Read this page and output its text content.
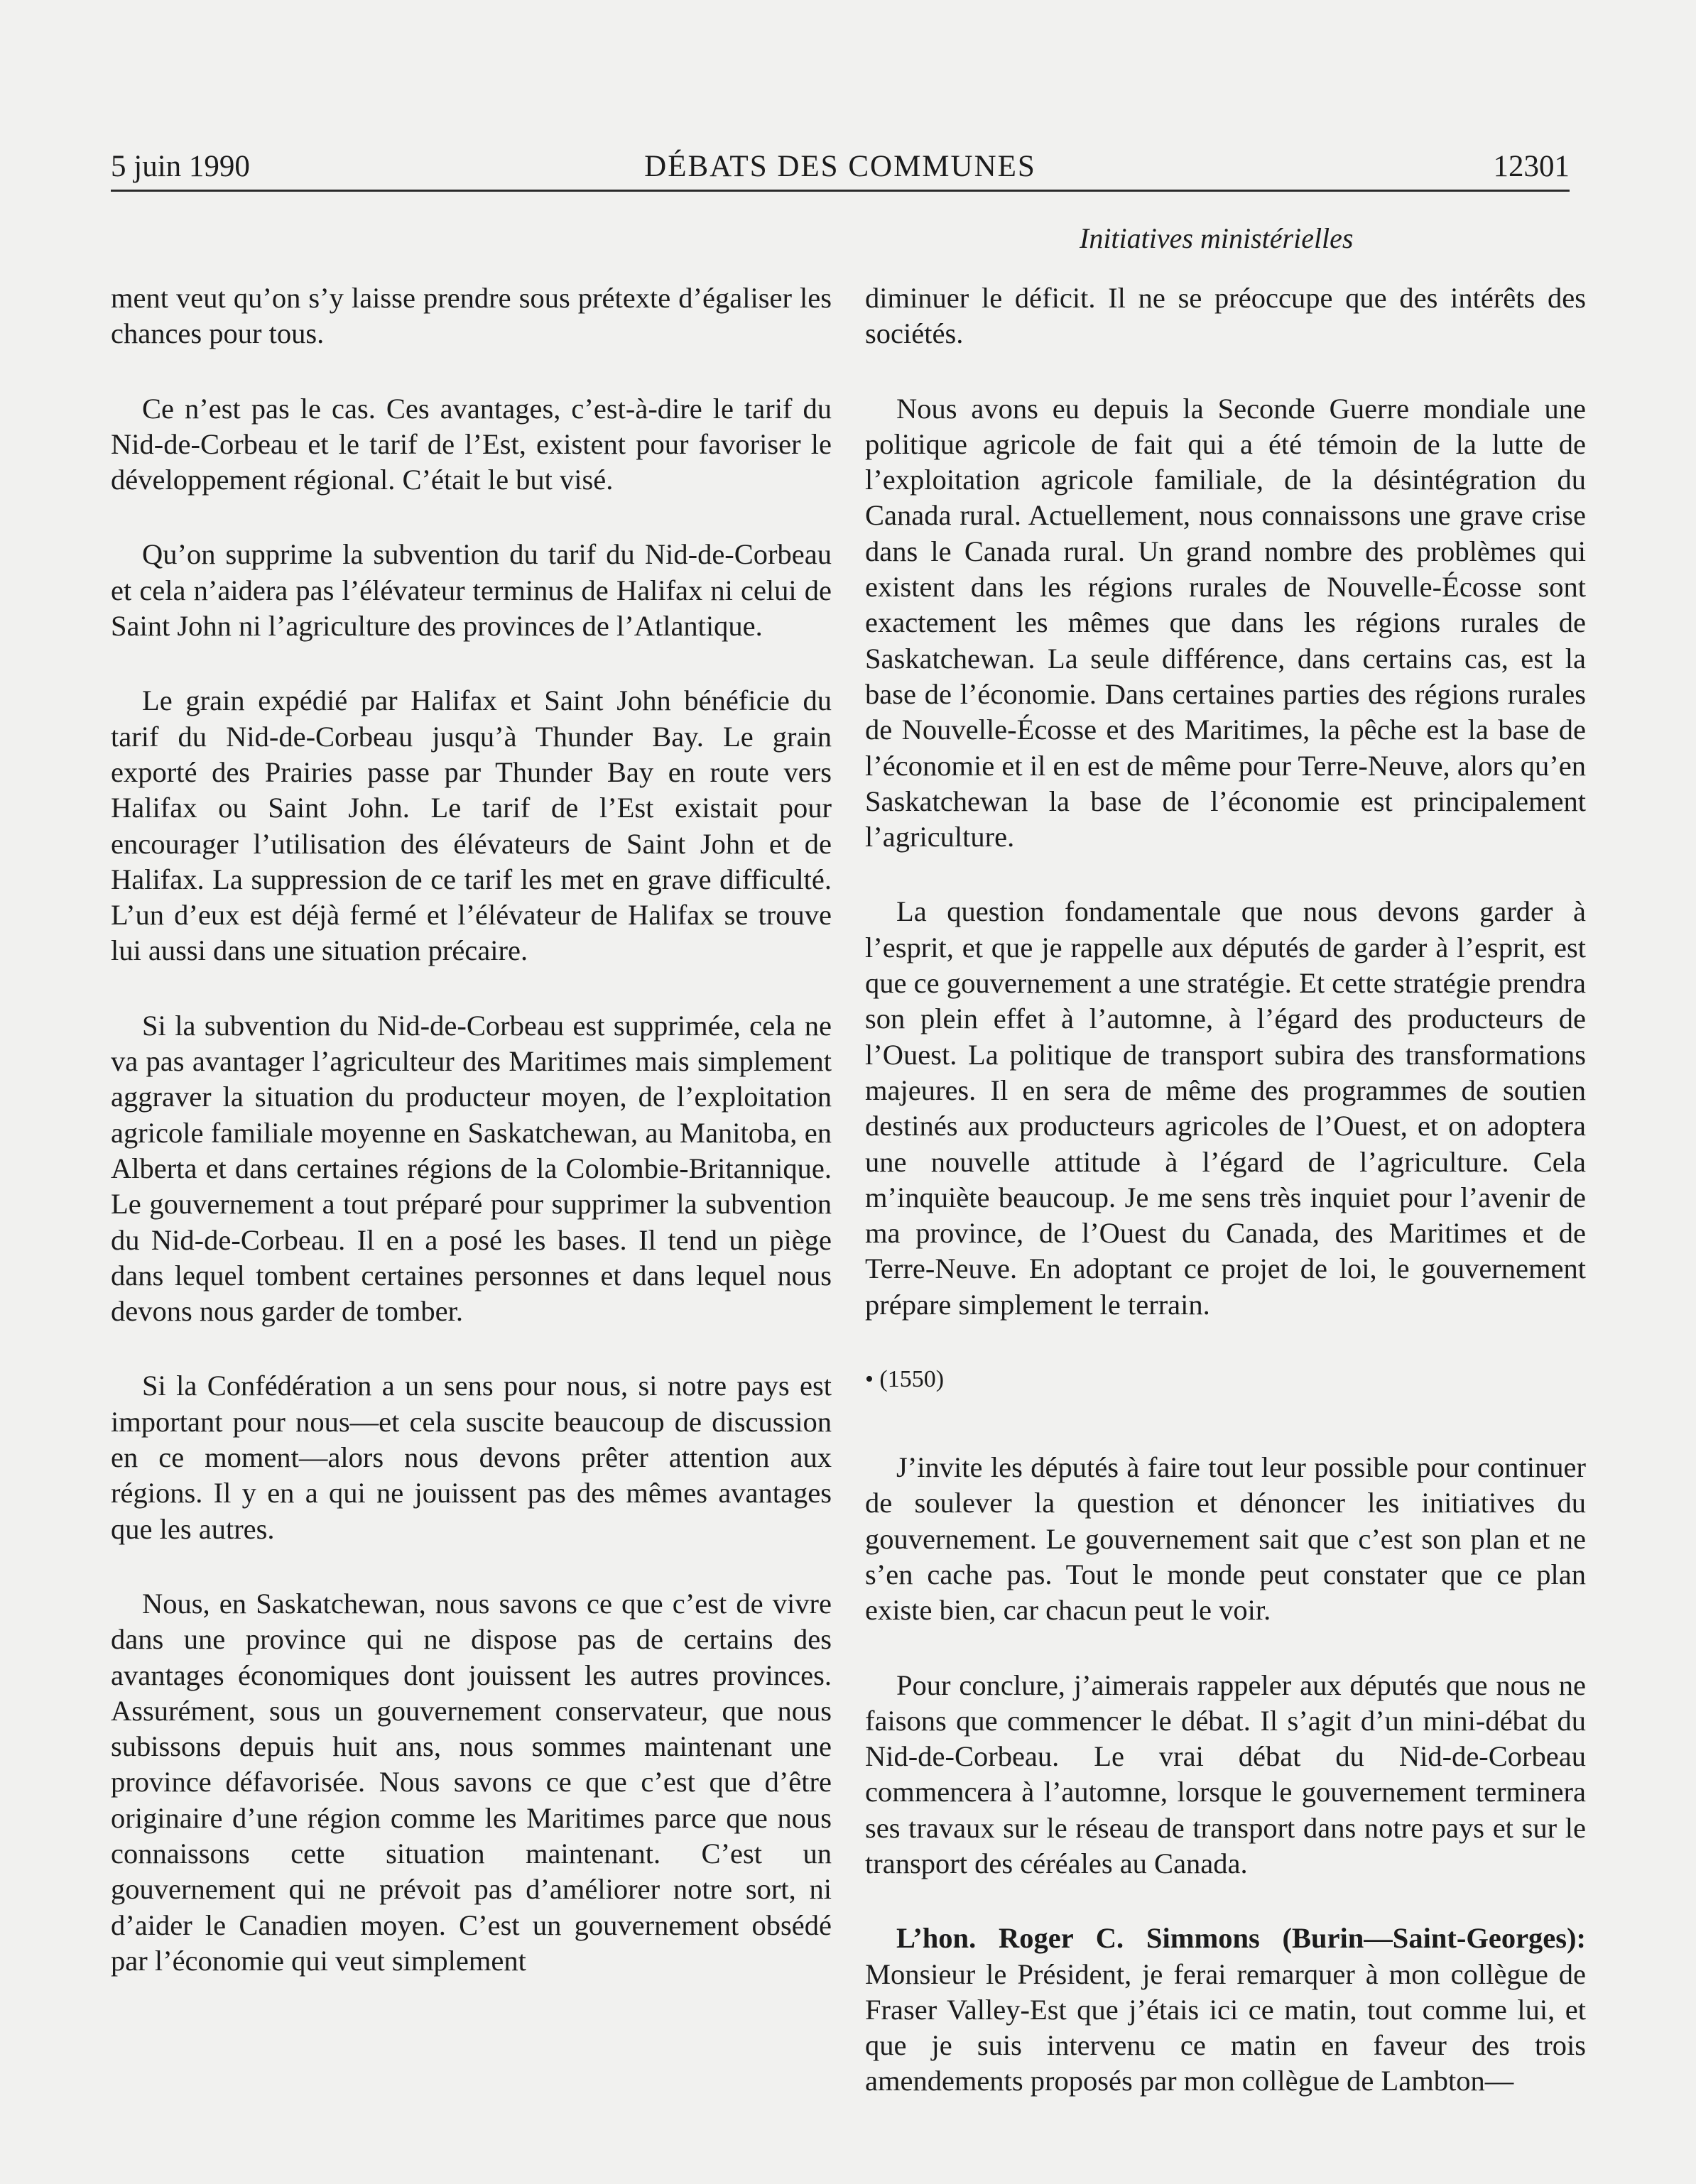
5 juin 1990	DÉBATS DES COMMUNES	12301
Initiatives ministérielles

ment veut qu’on s’y laisse prendre sous prétexte d’égaliser les chances pour tous.

Ce n’est pas le cas. Ces avantages, c’est-à-dire le tarif du Nid-de-Corbeau et le tarif de l’Est, existent pour favoriser le développement régional. C’était le but visé.

Qu’on supprime la subvention du tarif du Nid-de-Corbeau et cela n’aidera pas l’élévateur terminus de Halifax ni celui de Saint John ni l’agriculture des provinces de l’Atlantique.

Le grain expédié par Halifax et Saint John bénéficie du tarif du Nid-de-Corbeau jusqu’à Thunder Bay. Le grain exporté des Prairies passe par Thunder Bay en route vers Halifax ou Saint John. Le tarif de l’Est existait pour encourager l’utilisation des élévateurs de Saint John et de Halifax. La suppression de ce tarif les met en grave difficulté. L’un d’eux est déjà fermé et l’élévateur de Halifax se trouve lui aussi dans une situation précaire.

Si la subvention du Nid-de-Corbeau est supprimée, cela ne va pas avantager l’agriculteur des Maritimes mais simplement aggraver la situation du producteur moyen, de l’exploitation agricole familiale moyenne en Saskatchewan, au Manitoba, en Alberta et dans certaines régions de la Colombie-Britannique. Le gouvernement a tout préparé pour supprimer la subvention du Nid-de-Corbeau. Il en a posé les bases. Il tend un piège dans lequel tombent certaines personnes et dans lequel nous devons nous garder de tomber.

Si la Confédération a un sens pour nous, si notre pays est important pour nous—et cela suscite beaucoup de discussion en ce moment—alors nous devons prêter attention aux régions. Il y en a qui ne jouissent pas des mêmes avantages que les autres.

Nous, en Saskatchewan, nous savons ce que c’est de vivre dans une province qui ne dispose pas de certains des avantages économiques dont jouissent les autres provinces. Assurément, sous un gouvernement conservateur, que nous subissons depuis huit ans, nous sommes maintenant une province défavorisée. Nous savons ce que c’est que d’être originaire d’une région comme les Maritimes parce que nous connaissons cette situation maintenant. C’est un gouvernement qui ne prévoit pas d’améliorer notre sort, ni d’aider le Canadien moyen. C’est un gouvernement obsédé par l’économie qui veut simplement

diminuer le déficit. Il ne se préoccupe que des intérêts des sociétés.

Nous avons eu depuis la Seconde Guerre mondiale une politique agricole de fait qui a été témoin de la lutte de l’exploitation agricole familiale, de la désintégration du Canada rural. Actuellement, nous connaissons une grave crise dans le Canada rural. Un grand nombre des problèmes qui existent dans les régions rurales de Nouvelle-Écosse sont exactement les mêmes que dans les régions rurales de Saskatchewan. La seule différence, dans certains cas, est la base de l’économie. Dans certaines parties des régions rurales de Nouvelle-Écosse et des Maritimes, la pêche est la base de l’économie et il en est de même pour Terre-Neuve, alors qu’en Saskatchewan la base de l’économie est principalement l’agriculture.

La question fondamentale que nous devons garder à l’esprit, et que je rappelle aux députés de garder à l’esprit, est que ce gouvernement a une stratégie. Et cette stratégie prendra son plein effet à l’automne, à l’égard des producteurs de l’Ouest. La politique de transport subira des transformations majeures. Il en sera de même des programmes de soutien destinés aux producteurs agricoles de l’Ouest, et on adoptera une nouvelle attitude à l’égard de l’agriculture. Cela m’inquiète beaucoup. Je me sens très inquiet pour l’avenir de ma province, de l’Ouest du Canada, des Maritimes et de Terre-Neuve. En adoptant ce projet de loi, le gouvernement prépare simplement le terrain.

• (1550)

J’invite les députés à faire tout leur possible pour continuer de soulever la question et dénoncer les initiatives du gouvernement. Le gouvernement sait que c’est son plan et ne s’en cache pas. Tout le monde peut constater que ce plan existe bien, car chacun peut le voir.

Pour conclure, j’aimerais rappeler aux députés que nous ne faisons que commencer le débat. Il s’agit d’un mini-débat du Nid-de-Corbeau. Le vrai débat du Nid-de-Corbeau commencera à l’automne, lorsque le gouvernement terminera ses travaux sur le réseau de transport dans notre pays et sur le transport des céréales au Canada.

L’hon. Roger C. Simmons (Burin—Saint-Georges): Monsieur le Président, je ferai remarquer à mon collègue de Fraser Valley-Est que j’étais ici ce matin, tout comme lui, et que je suis intervenu ce matin en faveur des trois amendements proposés par mon collègue de Lambton—
